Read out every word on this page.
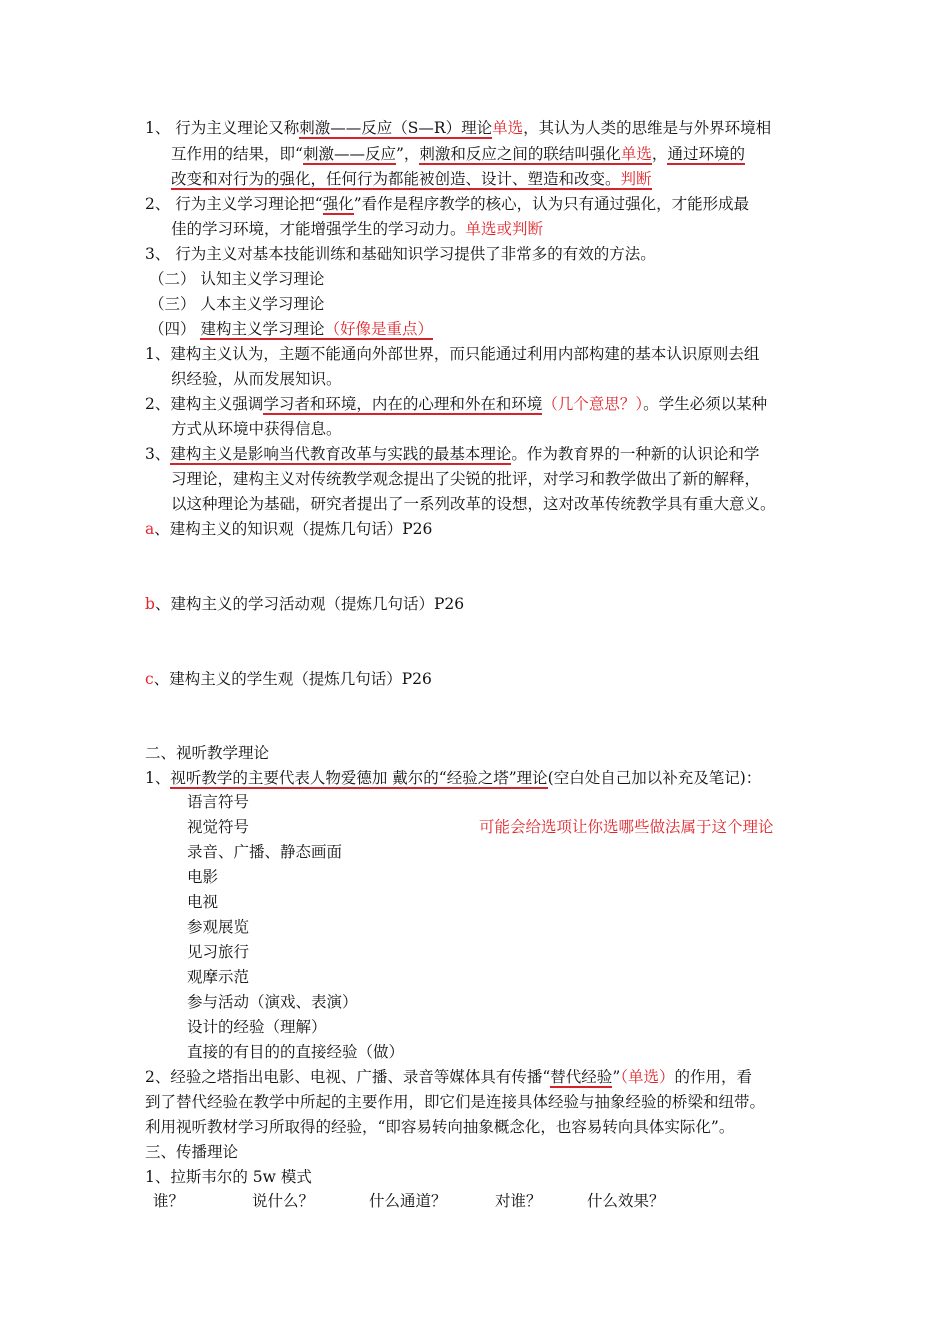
1、 行为主义理论又称刺激——反应（S—R）理论单选，其认为人类的思维是与外界环境相
互作用的结果，即“刺激——反应”，刺激和反应之间的联结叫强化单选，通过环境的
改变和对行为的强化，任何行为都能被创造、设计、塑造和改变。判断
2、 行为主义学习理论把“强化”看作是程序教学的核心，认为只有通过强化，才能形成最
佳的学习环境，才能增强学生的学习动力。单选或判断
3、 行为主义对基本技能训练和基础知识学习提供了非常多的有效的方法。
（二） 认知主义学习理论
（三） 人本主义学习理论
（四） 建构主义学习理论（好像是重点）
1、建构主义认为，主题不能通向外部世界，而只能通过利用内部构建的基本认识原则去组
织经验，从而发展知识。
2、建构主义强调学习者和环境，内在的心理和外在和环境（几个意思？）。学生必须以某种
方式从环境中获得信息。
3、建构主义是影响当代教育改革与实践的最基本理论。作为教育界的一种新的认识论和学
习理论，建构主义对传统教学观念提出了尖锐的批评，对学习和教学做出了新的解释，
以这种理论为基础，研究者提出了一系列改革的设想，这对改革传统教学具有重大意义。
a、建构主义的知识观（提炼几句话）P26
b、建构主义的学习活动观（提炼几句话）P26
c、建构主义的学生观（提炼几句话）P26
二、视听教学理论
1、视听教学的主要代表人物爱德加 戴尔的“经验之塔”理论(空白处自己加以补充及笔记)：
语言符号
视觉符号	可能会给选项让你选哪些做法属于这个理论
录音、广播、静态画面
电影
电视
参观展览
见习旅行
观摩示范
参与活动（演戏、表演）
设计的经验（理解）
直接的有目的的直接经验（做）
2、经验之塔指出电影、电视、广播、录音等媒体具有传播“替代经验”（单选）的作用，看
到了替代经验在教学中所起的主要作用，即它们是连接具体经验与抽象经验的桥梁和纽带。
利用视听教材学习所取得的经验，“即容易转向抽象概念化，也容易转向具体实际化”。
三、传播理论
1、拉斯韦尔的 5w 模式
谁？	说什么？	什么通道？	对谁？	什么效果？
